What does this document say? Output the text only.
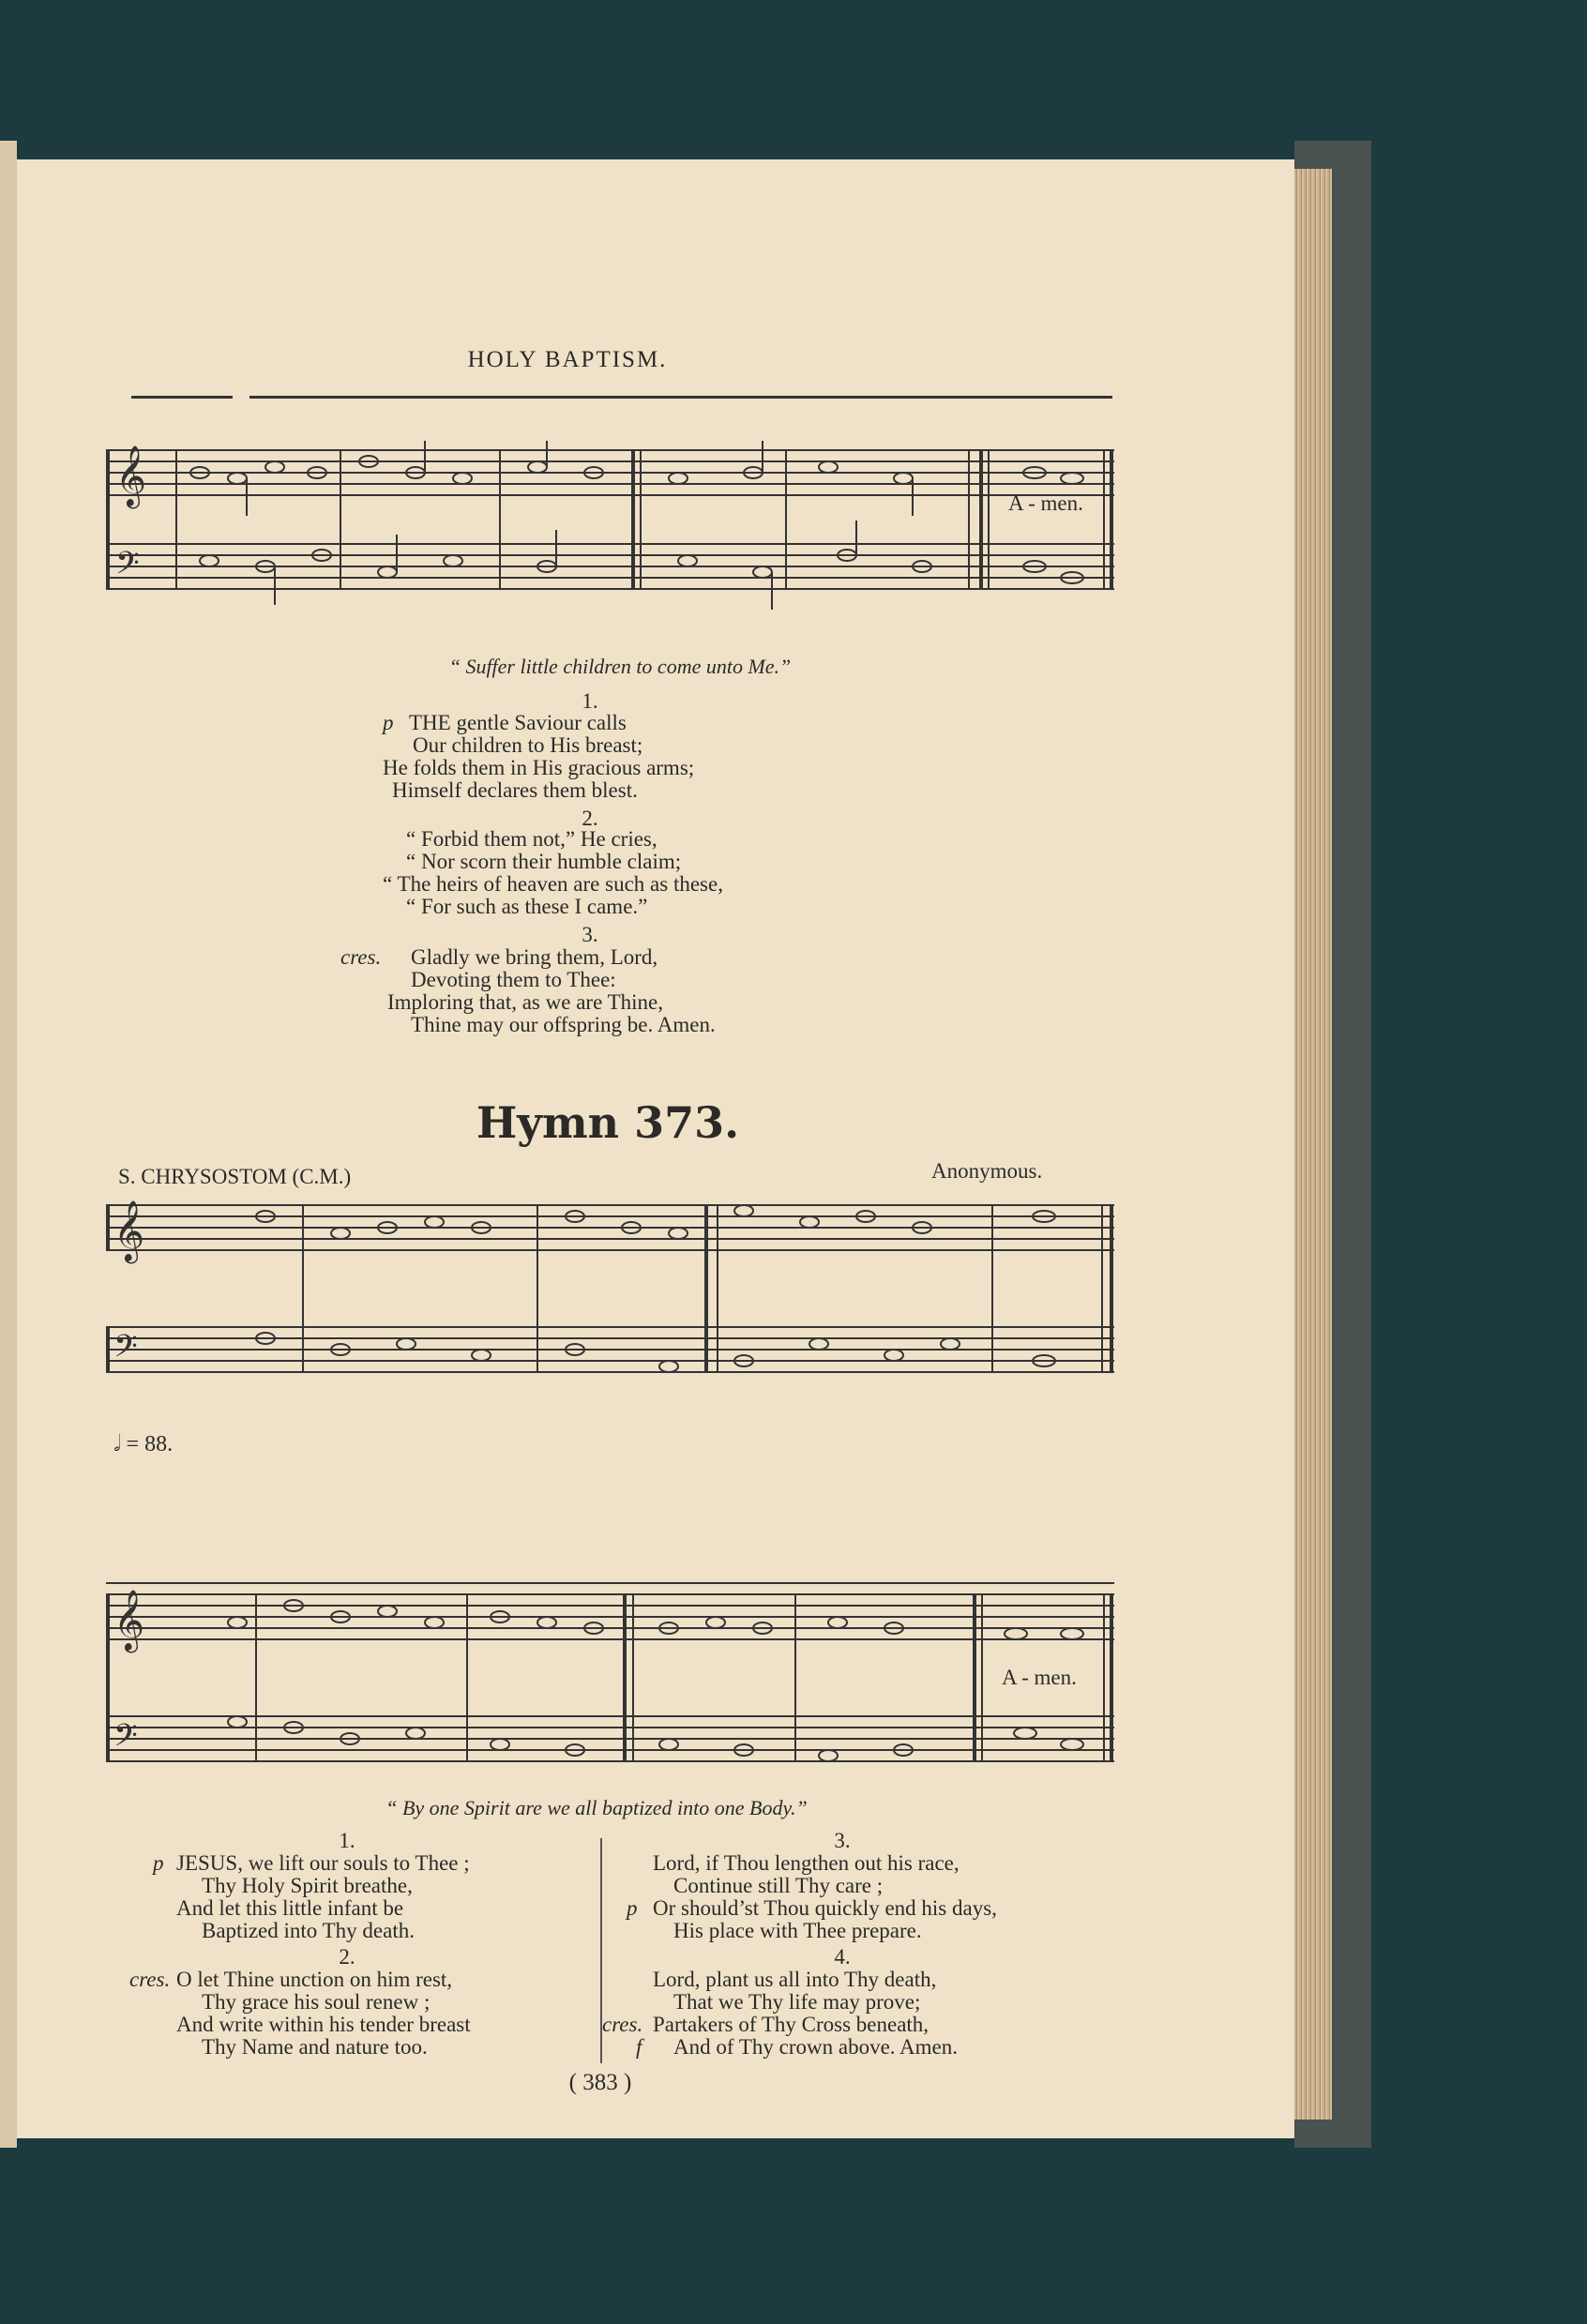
HOLY BAPTISM.
𝄞
𝄢
A - men.
“ Suffer little children to come unto Me.”
1.
p THE gentle Saviour calls
Our children to His breast;
He folds them in His gracious arms;
Himself declares them blest.
2.
“ Forbid them not,” He cries,
“ Nor scorn their humble claim;
“ The heirs of heaven are such as these,
“ For such as these I came.”
3.
cres. Gladly we bring them, Lord,
Devoting them to Thee:
Imploring that, as we are Thine,
Thine may our offspring be. Amen.
Hymn 373.
S. CHRYSOSTOM (C.M.)	Anonymous.
𝄞
𝄢
𝅗𝅥 = 88.
𝄞
𝄢
A - men.
“ By one Spirit are we all baptized into one Body.”
1.
p JESUS, we lift our souls to Thee ;
Thy Holy Spirit breathe,
And let this little infant be
Baptized into Thy death.
2.
cres. O let Thine unction on him rest,
Thy grace his soul renew ;
And write within his tender breast
Thy Name and nature too.
3.
Lord, if Thou lengthen out his race,
Continue still Thy care ;
p Or should’st Thou quickly end his days,
His place with Thee prepare.
4.
Lord, plant us all into Thy death,
That we Thy life may prove;
cres. Partakers of Thy Cross beneath,
f And of Thy crown above. Amen.
( 383 )
